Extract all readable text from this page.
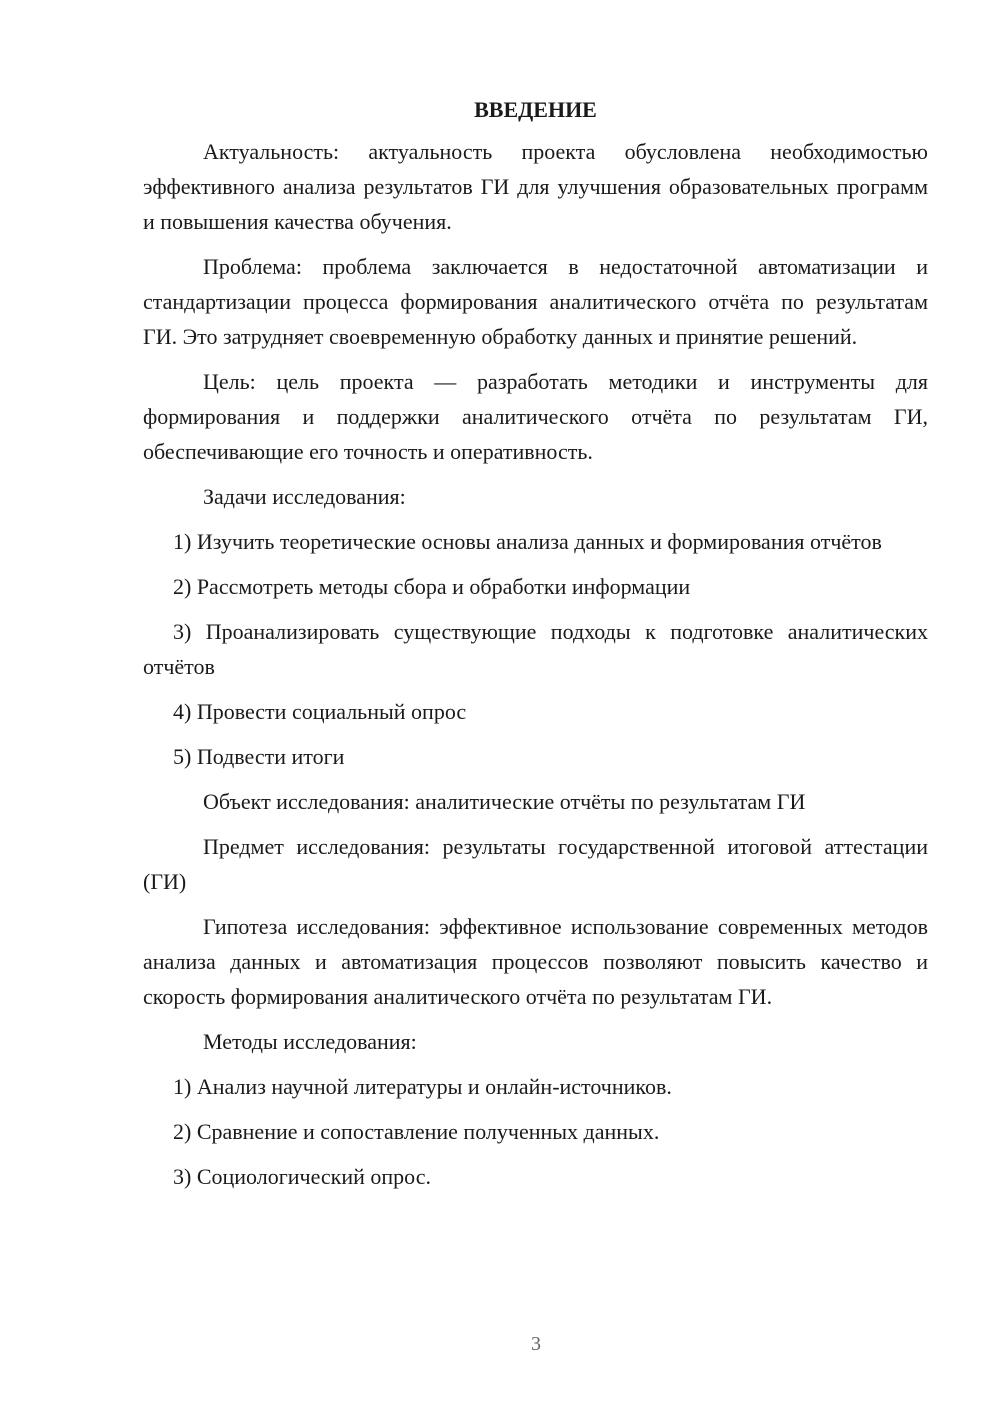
ВВЕДЕНИЕ

Актуальность: актуальность проекта обусловлена необходимостью эффективного анализа результатов ГИ для улучшения образовательных программ и повышения качества обучения.

Проблема: проблема заключается в недостаточной автоматизации и стандартизации процесса формирования аналитического отчёта по результатам ГИ. Это затрудняет своевременную обработку данных и принятие решений.

Цель: цель проекта — разработать методики и инструменты для формирования и поддержки аналитического отчёта по результатам ГИ, обеспечивающие его точность и оперативность.

Задачи исследования:

1) Изучить теоретические основы анализа данных и формирования отчётов

2) Рассмотреть методы сбора и обработки информации

3) Проанализировать существующие подходы к подготовке аналитических отчётов

4) Провести социальный опрос

5) Подвести итоги

Объект исследования: аналитические отчёты по результатам ГИ

Предмет исследования: результаты государственной итоговой аттестации (ГИ)

Гипотеза исследования: эффективное использование современных методов анализа данных и автоматизация процессов позволяют повысить качество и скорость формирования аналитического отчёта по результатам ГИ.

Методы исследования:

1) Анализ научной литературы и онлайн-источников.

2) Сравнение и сопоставление полученных данных.

3) Социологический опрос.

3
